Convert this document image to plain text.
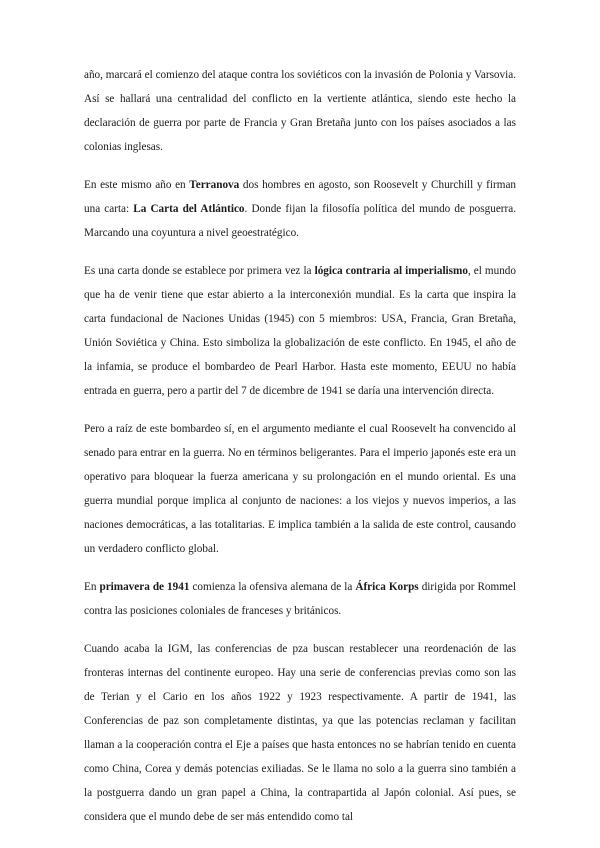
año, marcará el comienzo del ataque contra los soviéticos con la invasión de Polonia y Varsovia. Así se hallará una centralidad del conflicto en la vertiente atlántica, siendo este hecho la declaración de guerra por parte de Francia y Gran Bretaña junto con los países asociados a las colonias inglesas.

En este mismo año en Terranova dos hombres en agosto, son Roosevelt y Churchill y firman una carta: La Carta del Atlántico. Donde fijan la filosofía política del mundo de posguerra. Marcando una coyuntura a nivel geoestratégico.

Es una carta donde se establece por primera vez la lógica contraria al imperialismo, el mundo que ha de venir tiene que estar abierto a la interconexión mundial. Es la carta que inspira la carta fundacional de Naciones Unidas (1945) con 5 miembros: USA, Francia, Gran Bretaña, Unión Soviética y China. Esto simboliza la globalización de este conflicto. En 1945, el año de la infamia, se produce el bombardeo de Pearl Harbor. Hasta este momento, EEUU no había entrada en guerra, pero a partir del 7 de dicembre de 1941 se daría una intervención directa.

Pero a raíz de este bombardeo sí, en el argumento mediante el cual Roosevelt ha convencido al senado para entrar en la guerra. No en términos beligerantes. Para el imperio japonés este era un operativo para bloquear la fuerza americana y su prolongación en el mundo oriental. Es una guerra mundial porque implica al conjunto de naciones: a los viejos y nuevos imperios, a las naciones democráticas, a las totalitarias. E implica también a la salida de este control, causando un verdadero conflicto global.

En primavera de 1941 comienza la ofensiva alemana de la África Korps dirigida por Rommel contra las posiciones coloniales de franceses y británicos.

Cuando acaba la IGM, las conferencias de pza buscan restablecer una reordenación de las fronteras internas del continente europeo. Hay una serie de conferencias previas como son las de Terian y el Cario en los años 1922 y 1923 respectivamente. A partir de 1941, las Conferencias de paz son completamente distintas, ya que las potencias reclaman y facilitan llaman a la cooperación contra el Eje a países que hasta entonces no se habrían tenido en cuenta como China, Corea y demás potencias exiliadas. Se le llama no solo a la guerra sino también a la postguerra dando un gran papel a China, la contrapartida al Japón colonial. Así pues, se considera que el mundo debe de ser más entendido como tal
